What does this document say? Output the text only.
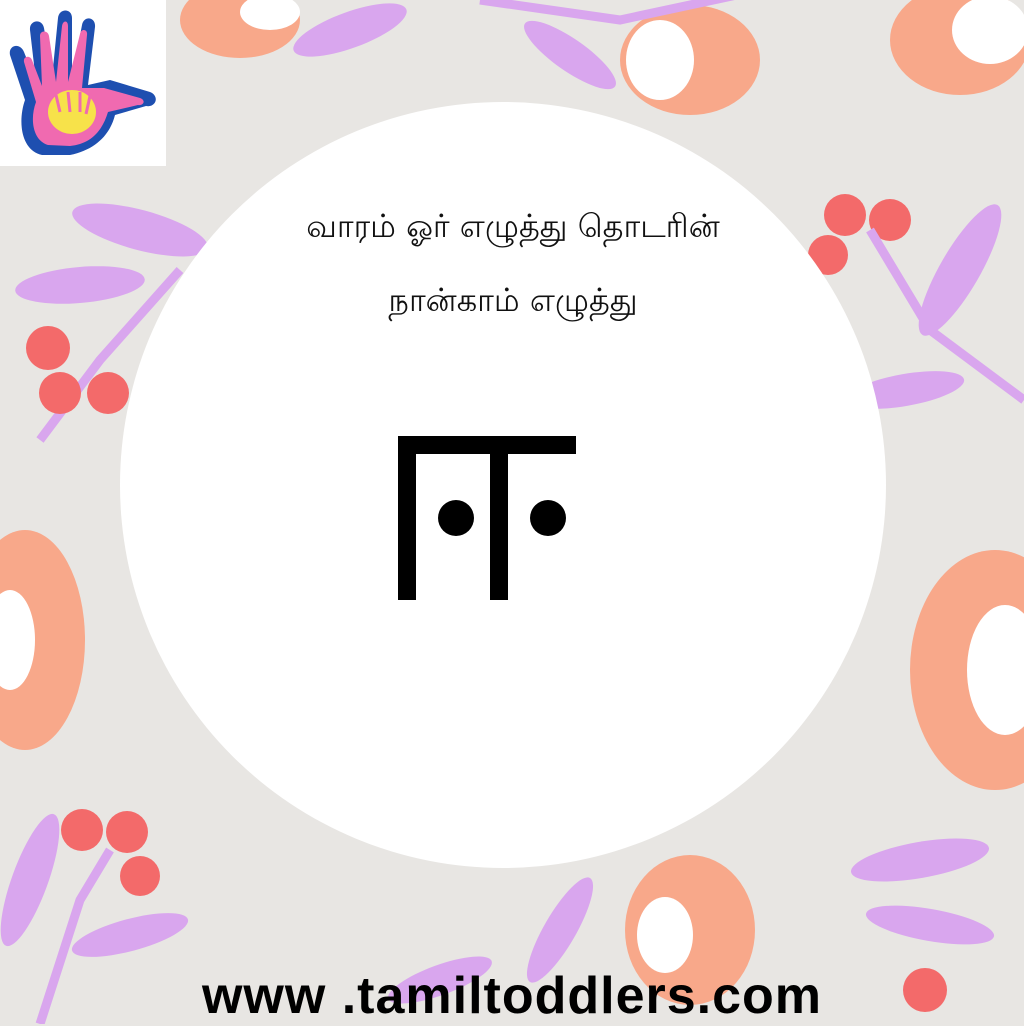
வாரம் ஓர் எழுத்து தொடரின்
நான்காம் எழுத்து
www .tamiltoddlers.com
